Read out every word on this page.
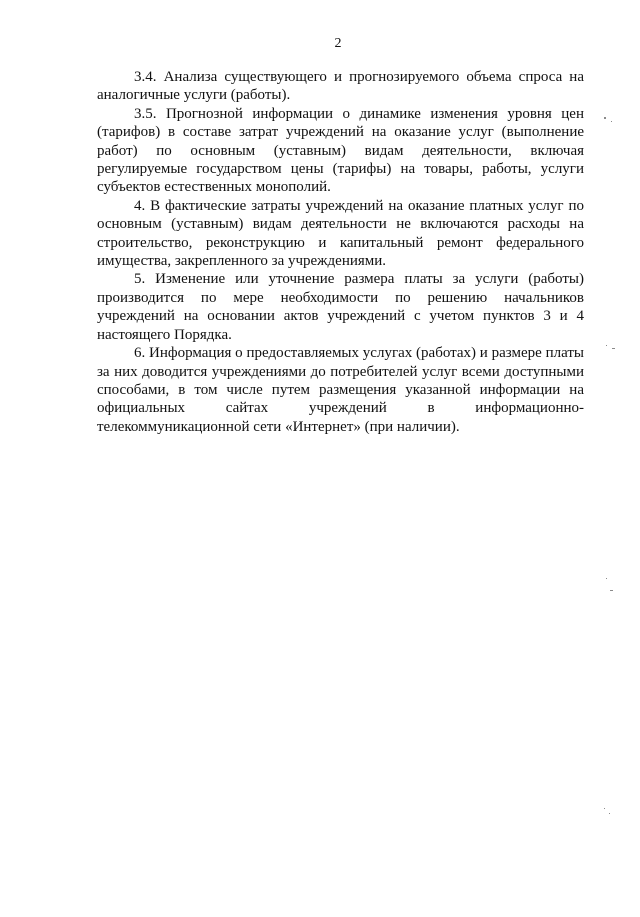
2

3.4. Анализа существующего и прогнозируемого объема спроса на аналогичные услуги (работы).

3.5. Прогнозной информации о динамике изменения уровня цен (тарифов) в составе затрат учреждений на оказание услуг (выполнение работ) по основным (уставным) видам деятельности, включая регулируемые государством цены (тарифы) на товары, работы, услуги субъектов естественных монополий.

4. В фактические затраты учреждений на оказание платных услуг по основным (уставным) видам деятельности не включаются расходы на строительство, реконструкцию и капитальный ремонт федерального имущества, закрепленного за учреждениями.

5. Изменение или уточнение размера платы за услуги (работы) производится по мере необходимости по решению начальников учреждений на основании актов учреждений с учетом пунктов 3 и 4 настоящего Порядка.

6. Информация о предоставляемых услугах (работах) и размере платы за них доводится учреждениями до потребителей услуг всеми доступными способами, в том числе путем размещения указанной информации на официальных сайтах учреждений в информационно-телекоммуникационной сети «Интернет» (при наличии).
